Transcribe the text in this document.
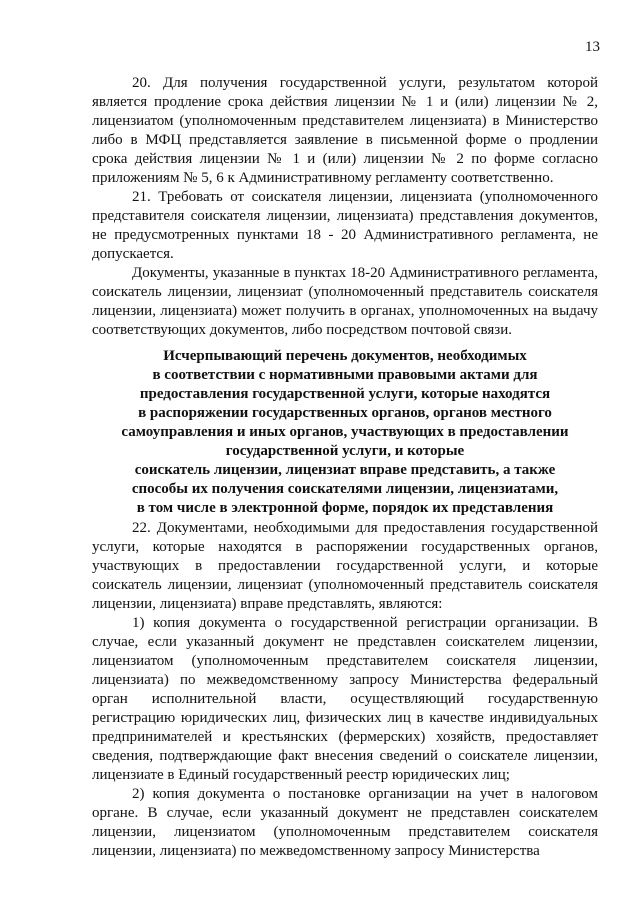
13

20. Для получения государственной услуги, результатом которой является продление срока действия лицензии № 1 и (или) лицензии № 2, лицензиатом (уполномоченным представителем лицензиата) в Министерство либо в МФЦ представляется заявление в письменной форме о продлении срока действия лицензии № 1 и (или) лицензии № 2 по форме согласно приложениям № 5, 6 к Административному регламенту соответственно.

21. Требовать от соискателя лицензии, лицензиата (уполномоченного представителя соискателя лицензии, лицензиата) представления документов, не предусмотренных пунктами 18 - 20 Административного регламента, не допускается.

Документы, указанные в пунктах 18-20 Административного регламента, соискатель лицензии, лицензиат (уполномоченный представитель соискателя лицензии, лицензиата) может получить в органах, уполномоченных на выдачу соответствующих документов, либо посредством почтовой связи.

Исчерпывающий перечень документов, необходимых
в соответствии с нормативными правовыми актами для
предоставления государственной услуги, которые находятся
в распоряжении государственных органов, органов местного
самоуправления и иных органов, участвующих в предоставлении
государственной услуги, и которые
соискатель лицензии, лицензиат вправе представить, а также
способы их получения соискателями лицензии, лицензиатами,
в том числе в электронной форме, порядок их представления

22. Документами, необходимыми для предоставления государственной услуги, которые находятся в распоряжении государственных органов, участвующих в предоставлении государственной услуги, и которые соискатель лицензии, лицензиат (уполномоченный представитель соискателя лицензии, лицензиата) вправе представлять, являются:

1) копия документа о государственной регистрации организации. В случае, если указанный документ не представлен соискателем лицензии, лицензиатом (уполномоченным представителем соискателя лицензии, лицензиата) по межведомственному запросу Министерства федеральный орган исполнительной власти, осуществляющий государственную регистрацию юридических лиц, физических лиц в качестве индивидуальных предпринимателей и крестьянских (фермерских) хозяйств, предоставляет сведения, подтверждающие факт внесения сведений о соискателе лицензии, лицензиате в Единый государственный реестр юридических лиц;

2) копия документа о постановке организации на учет в налоговом органе. В случае, если указанный документ не представлен соискателем лицензии, лицензиатом (уполномоченным представителем соискателя лицензии, лицензиата) по межведомственному запросу Министерства
